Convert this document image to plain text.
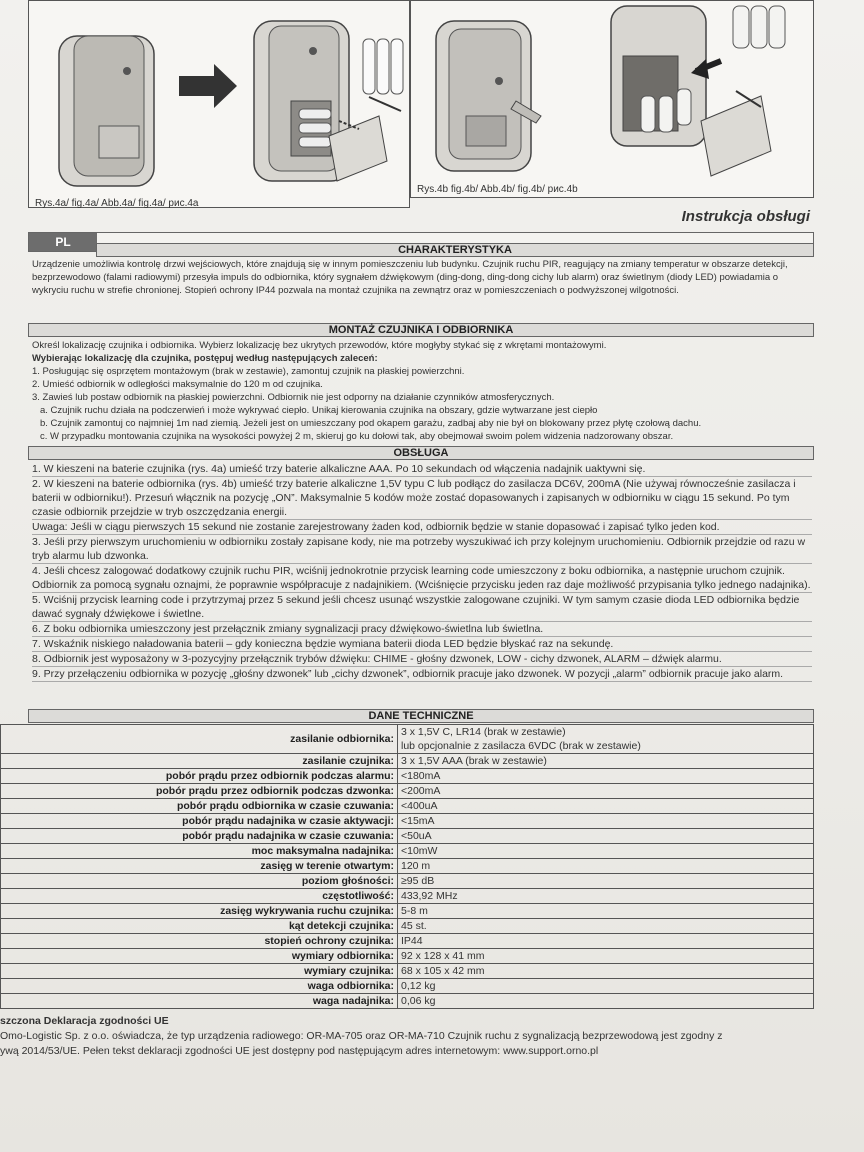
Rys.4a/ fig.4a/ Abb.4a/ fig.4a/ рис.4a
Rys.4b fig.4b/ Abb.4b/ fig.4b/ рис.4b
Instrukcja obsługi
PL
CHARAKTERYSTYKA
Urządzenie umożliwia kontrolę drzwi wejściowych, które znajdują się w innym pomieszczeniu lub budynku. Czujnik ruchu PIR, reagujący na zmiany temperatur w obszarze detekcji, bezprzewodowo (falami radiowymi) przesyła impuls do odbiornika, który sygnałem dźwiękowym (ding-dong, ding-dong cichy lub alarm) oraz świetlnym (diody LED) powiadamia o wykryciu ruchu w strefie chronionej. Stopień ochrony IP44 pozwala na montaż czujnika na zewnątrz oraz w pomieszczeniach o podwyższonej wilgotności.
MONTAŻ CZUJNIKA I ODBIORNIKA
Określ lokalizację czujnika i odbiornika. Wybierz lokalizację bez ukrytych przewodów, które mogłyby stykać się z wkrętami montażowymi.
Wybierając lokalizację dla czujnika, postępuj według następujących zaleceń:
1. Posługując się osprzętem montażowym (brak w zestawie), zamontuj czujnik na płaskiej powierzchni.
2. Umieść odbiornik w odległości maksymalnie do 120 m od czujnika.
3. Zawieś lub postaw odbiornik na płaskiej powierzchni. Odbiornik nie jest odporny na działanie czynników atmosferycznych.
a. Czujnik ruchu działa na podczerwień i może wykrywać ciepło. Unikaj kierowania czujnika na obszary, gdzie wytwarzane jest ciepło
b. Czujnik zamontuj co najmniej 1m nad ziemią. Jeżeli jest on umieszczany pod okapem garażu, zadbaj aby nie był on blokowany przez płytę czołową dachu.
c. W przypadku montowania czujnika na wysokości powyżej 2 m, skieruj go ku dołowi tak, aby obejmował swoim polem widzenia nadzorowany obszar.
OBSŁUGA
1. W kieszeni na baterie czujnika (rys. 4a) umieść trzy baterie alkaliczne AAA. Po 10 sekundach od włączenia nadajnik uaktywni się.
2. W kieszeni na baterie odbiornika (rys. 4b) umieść trzy baterie alkaliczne 1,5V typu C lub podłącz do zasilacza DC6V, 200mA (Nie używaj równocześnie zasilacza i baterii w odbiorniku!). Przesuń włącznik na pozycję „ON”. Maksymalnie 5 kodów może zostać dopasowanych i zapisanych w odbiorniku w ciągu 15 sekund. Po tym czasie odbiornik przejdzie w tryb oszczędzania energii.
Uwaga: Jeśli w ciągu pierwszych 15 sekund nie zostanie zarejestrowany żaden kod, odbiornik będzie w stanie dopasować i zapisać tylko jeden kod.
3. Jeśli przy pierwszym uruchomieniu w odbiorniku zostały zapisane kody, nie ma potrzeby wyszukiwać ich przy kolejnym uruchomieniu. Odbiornik przejdzie od razu w tryb alarmu lub dzwonka.
4. Jeśli chcesz zalogować dodatkowy czujnik ruchu PIR, wciśnij jednokrotnie przycisk learning code umieszczony z boku odbiornika, a następnie uruchom czujnik. Odbiornik za pomocą sygnału oznajmi, że poprawnie współpracuje z nadajnikiem. (Wciśnięcie przycisku jeden raz daje możliwość przypisania tylko jednego nadajnika).
5. Wciśnij przycisk learning code i przytrzymaj przez 5 sekund jeśli chcesz usunąć wszystkie zalogowane czujniki. W tym samym czasie dioda LED odbiornika będzie dawać sygnały dźwiękowe i świetlne.
6. Z boku odbiornika umieszczony jest przełącznik zmiany sygnalizacji pracy dźwiękowo-świetlna lub świetlna.
7. Wskaźnik niskiego naładowania baterii – gdy konieczna będzie wymiana baterii dioda LED będzie błyskać raz na sekundę.
8. Odbiornik jest wyposażony w 3-pozycyjny przełącznik trybów dźwięku: CHIME - głośny dzwonek, LOW - cichy dzwonek, ALARM – dźwięk alarmu.
9. Przy przełączeniu odbiornika w pozycję „głośny dzwonek” lub „cichy dzwonek”, odbiornik pracuje jako dzwonek. W pozycji „alarm” odbiornik pracuje jako alarm.
DANE TECHNICZNE
zasilanie odbiornika:	3 x 1,5V C, LR14 (brak w zestawie)
lub opcjonalnie z zasilacza 6VDC (brak w zestawie)

zasilanie czujnika:	3 x 1,5V AAA (brak w zestawie)
pobór prądu przez odbiornik podczas alarmu:	<180mA
pobór prądu przez odbiornik podczas dzwonka:	<200mA
pobór prądu odbiornika w czasie czuwania:	<400uA
pobór prądu nadajnika w czasie aktywacji:	<15mA
pobór prądu nadajnika w czasie czuwania:	<50uA
moc maksymalna nadajnika:	<10mW
zasięg w terenie otwartym:	120 m
poziom głośności:	≥95 dB
częstotliwość:	433,92 MHz
zasięg wykrywania ruchu czujnika:	5-8 m
kąt detekcji czujnika:	45 st.
stopień ochrony czujnika:	IP44
wymiary odbiornika:	92 x 128 x 41 mm
wymiary czujnika:	68 x 105 x 42 mm
waga odbiornika:	0,12 kg
waga nadajnika:	0,06 kg
szczona Deklaracja zgodności UE
Omo-Logistic Sp. z o.o. oświadcza, że typ urządzenia radiowego: OR-MA-705 oraz OR-MA-710 Czujnik ruchu z sygnalizacją bezprzewodową jest zgodny z
ywą 2014/53/UE. Pełen tekst deklaracji zgodności UE jest dostępny pod następującym adres internetowym: www.support.orno.pl
